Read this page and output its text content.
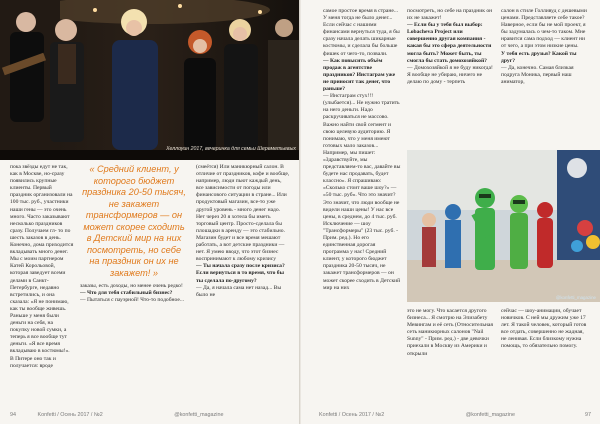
Хеллоуин 2017, вечеринка для семьи Шереметьевых

пока звёзды едут не так, как в Москве, но-сразу появились крупные клиенты. Первый праздник организовали на 100 тыс. руб., участники наши гены — это очень много. Часто заказывают несколько праздников сразу. Получаем гл- то по шесть заказов в день. Конечно, дома приходится вкладывать много денег. Мы с моим партнером Катей Корольовой, которая заведует всеми делами в Санкт-Петербурге, недавно встретились, и она сказала: «Я не понимаю, как ты вообще живешь. Раньше у меня были деньги на себя, на покупку новой сумки, а теперь я все вообще тут деньги. «Я все время вкладываю в костюмы!». В Питере оно так и получается: вроде

« Средний клиент, у которого бюджет праздника 20-50 тысяч, не закажет трансформеров — он может скорее сходить в Детский мир на них посмотреть, но себе на праздник он их не закажет! »

заказы, есть доходы, но менее очень редко!

— Что для тебя стабильный бизнес?

— Пытаться с пауэрной! Что-то подобное...

(смеётся) Или маникюрный салон. В отличие от праздников, кофе и вообще, например, люди пьют каждый день, все зависимости от погоды или финансового ситуации в стране... Или продуктовый магазин, все-то уже другой уровень - много денег надо. Нет через 20 я хотела бы иметь торговый центр. Просто-сделала бы плошадки в аренду — это стабильно. Магазин будет и все время мешают работать, а вот детские праздники — нет. Я умею вводу, что этот бизнес воспринимают к любому кризису

— Ты начала сразу после кризиса? Если вернуться в то время, что бы ты сделала по-другому?

— Да, я начала сама нет назад... Вы было не

94	Konfetti / Осень 2017 / №2	@konfetti_magazine

самое простое время в стране... У меня тогда не было денег... Если сейчас с нашими финансами вернуться туда, я бы сразу начала делать шикарные костюмы, и сделала бы больше фишек от чего-то, позвали.

— Как повысить объём продаж в агентстве праздников? Инстаграм уже не приносит так денег, что раньше?

— Инстаграм стух!!! (улыбается)... Не нужно тратить на него деньги. Надо раскручиваться не массово. Важно найти свой сегмент и свою целевую аудиторию. Я понимаю, что у меня имеют готовых мало заказов... Например, мы пишет: «Здравствуйте, мы представляем-то вас, давайте вы будете нас продавать, будет классно». Я спрашиваю: «Сколько стоит ваше шоу?» — «50 тыс. руб». Что это значит? Это значит, что люди вообще не видели наши цены! У нас все цены, в среднем, до 4 тыс. руб. Исключение — шоу "Трансформеры" (23 тыс. руб. - Прим. ред.). Но его единственная дорогая программа у нас! Средний клиент, у которого бюджет праздника 20-50 тысяч, не закажет трансформеров — он может скорее сходить в Детский мир на них

посмотреть, но себе на праздник он их не закажет!

— Если бы у тебя был выбор: Lobacheva Project или совершенно другая компания - какая бы это сфера деятельности могла быть? Может быть, ты смогла бы стать домохозяйкой?

— Домохозяйкой я не буду никогда! Я вообще не убираю, ничего не делаю по дому - терпеть

салон в стиле Голливуд с дешевыми ценами. Представляете себе такое? Наверное, если бы не мой проект, я бы задумалась о чем-то таком. Мне нравится сама подход — клиент ни от чего, а при этом низкие цены.

У тебя есть друзья? Какой ты друг?

— Да, конечно. Самая близкая подруга Моника, первый наш аниматор,

@konfetti_magazine

это не могу. Что касается другого бизнеса... Я смотрю на Элизабету Мевингам и её сеть (Относительная сеть маникюрных салонов "Nail Sunny" - Прим. ред.) - две девочки приехали в Москву из Америки и открыли

сейчас — шоу-анимации, обучает новичков. С ней мы дружим уже 17 лет. Я такой человек, который готов все отдать, совершенно не жадная, не ленивая. Если близкому нужна помощь, то обязательно помогу.

Konfetti / Осень 2017 / №2	@konfetti_magazine	97
